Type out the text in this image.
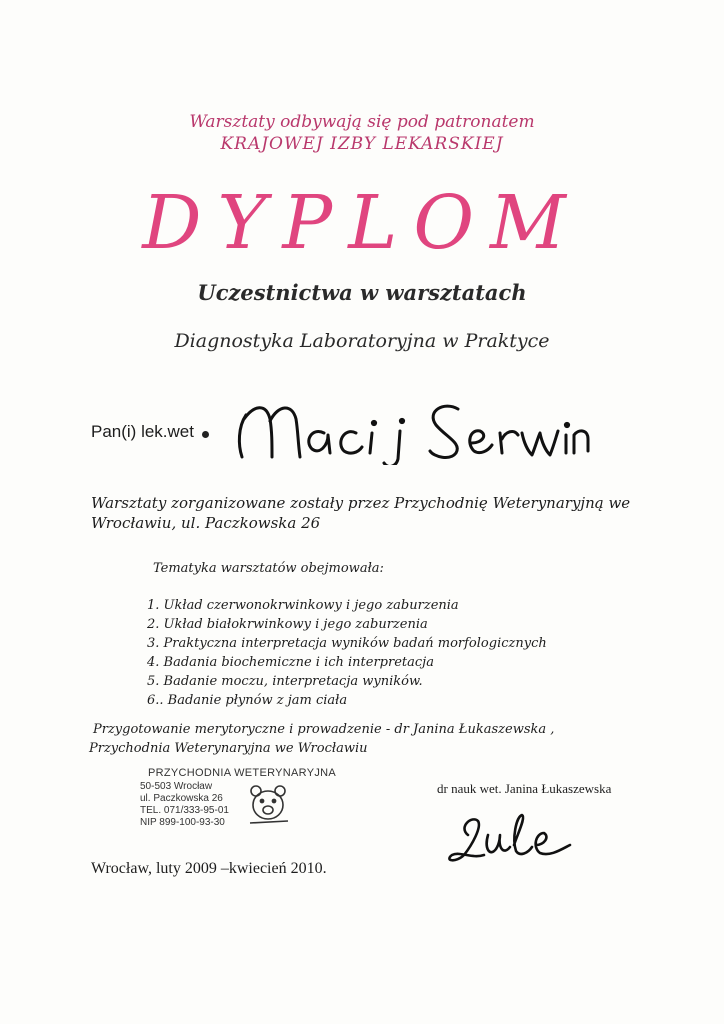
Warsztaty odbywają się pod patronatem
KRAJOWEJ IZBY LEKARSKIEJ
DYPLOM
Uczestnictwa w warsztatach
Diagnostyka Laboratoryjna w Praktyce
Pan(i) lek.wet
Warsztaty zorganizowane zostały przez Przychodnię Weterynaryjną we
Wrocławiu, ul. Paczkowska 26
Tematyka warsztatów obejmowała:
1. Układ czerwonokrwinkowy i jego zaburzenia
2. Układ białokrwinkowy i jego zaburzenia
3. Praktyczna interpretacja wyników badań morfologicznych
4. Badania biochemiczne i ich interpretacja
5. Badanie moczu, interpretacja wyników.
6.. Badanie płynów z jam ciała
Przygotowanie merytoryczne i prowadzenie - dr Janina Łukaszewska ,
Przychodnia Weterynaryjna we Wrocławiu
PRZYCHODNIA WETERYNARYJNA
50-503 Wrocław
ul. Paczkowska 26
TEL. 071/333-95-01
NIP 899-100-93-30
dr nauk wet. Janina Łukaszewska
Wrocław, luty 2009 –kwiecień 2010.
